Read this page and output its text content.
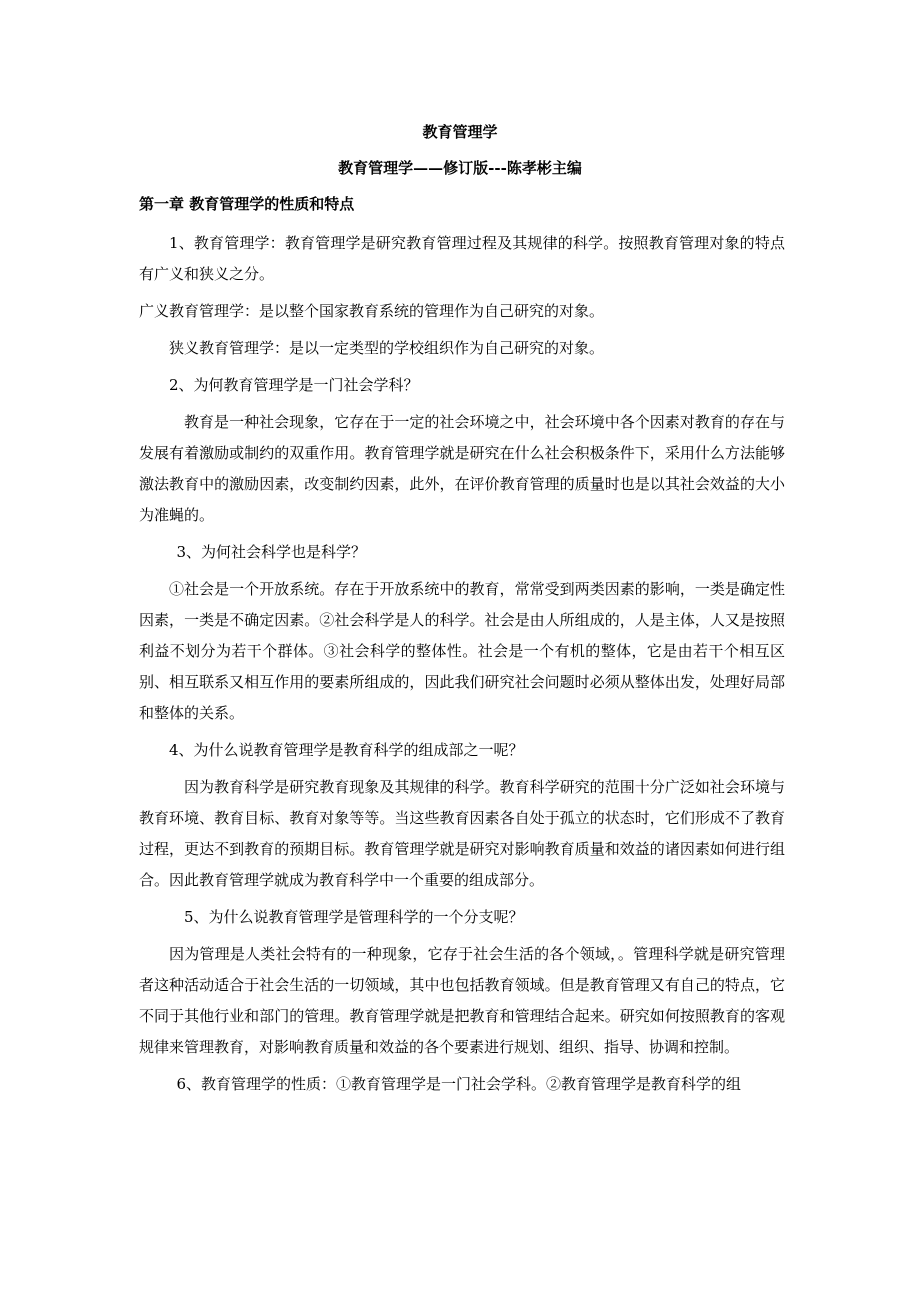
教育管理学

教育管理学——修订版---陈孝彬主编

第一章 教育管理学的性质和特点

1、教育管理学：教育管理学是研究教育管理过程及其规律的科学。按照教育管理对象的特点有广义和狭义之分。

广义教育管理学：是以整个国家教育系统的管理作为自己研究的对象。

狭义教育管理学：是以一定类型的学校组织作为自己研究的对象。

2、为何教育管理学是一门社会学科？

教育是一种社会现象，它存在于一定的社会环境之中，社会环境中各个因素对教育的存在与发展有着激励或制约的双重作用。教育管理学就是研究在什么社会积极条件下，采用什么方法能够激法教育中的激励因素，改变制约因素，此外，在评价教育管理的质量时也是以其社会效益的大小为准蝇的。

3、为何社会科学也是科学？

①社会是一个开放系统。存在于开放系统中的教育，常常受到两类因素的影响，一类是确定性因素，一类是不确定因素。②社会科学是人的科学。社会是由人所组成的，人是主体，人又是按照利益不划分为若干个群体。③社会科学的整体性。社会是一个有机的整体，它是由若干个相互区别、相互联系又相互作用的要素所组成的，因此我们研究社会问题时必须从整体出发，处理好局部和整体的关系。

4、为什么说教育管理学是教育科学的组成部之一呢？

因为教育科学是研究教育现象及其规律的科学。教育科学研究的范围十分广泛如社会环境与教育环境、教育目标、教育对象等等。当这些教育因素各自处于孤立的状态时，它们形成不了教育过程，更达不到教育的预期目标。教育管理学就是研究对影响教育质量和效益的诸因素如何进行组合。因此教育管理学就成为教育科学中一个重要的组成部分。

5、为什么说教育管理学是管理科学的一个分支呢？

因为管理是人类社会特有的一种现象，它存于社会生活的各个领域，。管理科学就是研究管理者这种活动适合于社会生活的一切领域，其中也包括教育领域。但是教育管理又有自己的特点，它不同于其他行业和部门的管理。教育管理学就是把教育和管理结合起来。研究如何按照教育的客观规律来管理教育，对影响教育质量和效益的各个要素进行规划、组织、指导、协调和控制。

6、教育管理学的性质：①教育管理学是一门社会学科。②教育管理学是教育科学的组
